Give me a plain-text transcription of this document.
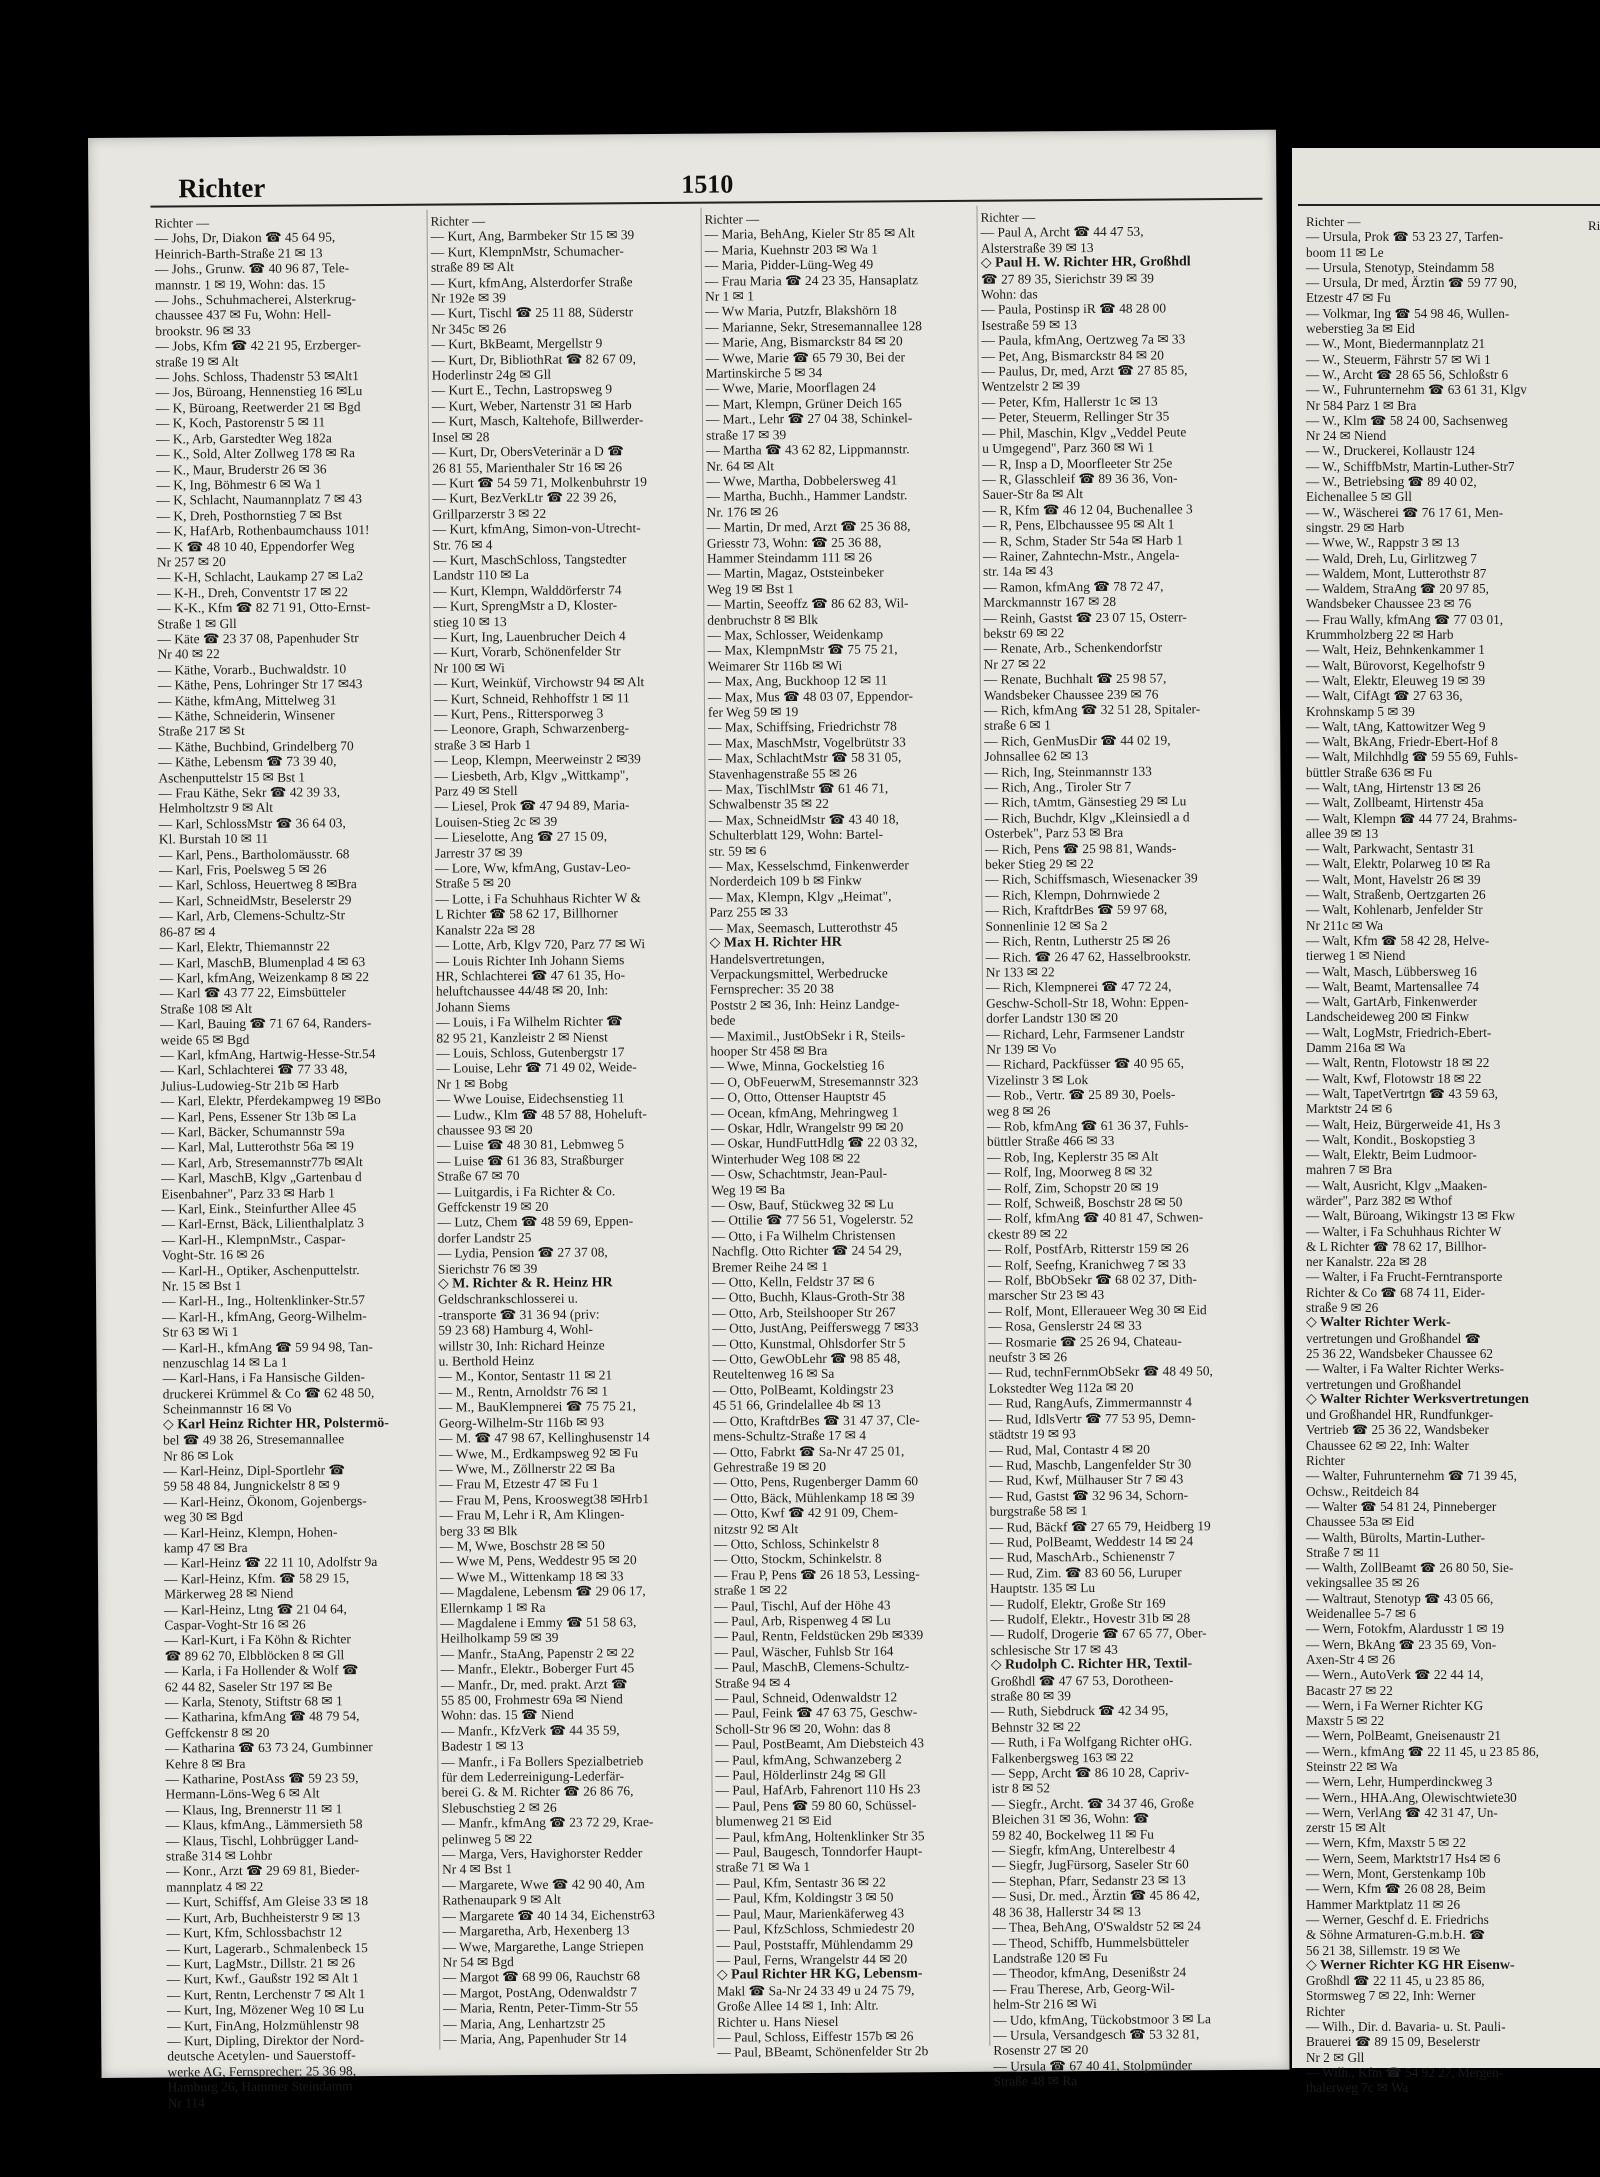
Richter	1510
Richter —
— Johs, Dr, Diakon ☎ 45 64 95,
Heinrich-Barth-Straße 21 ✉ 13
— Johs., Grunw. ☎ 40 96 87, Tele-
mannstr. 1 ✉ 19, Wohn: das. 15
— Johs., Schuhmacherei, Alsterkrug-
chaussee 437 ✉ Fu, Wohn: Hell-
brookstr. 96 ✉ 33
— Jobs, Kfm ☎ 42 21 95, Erzberger-
straße 19 ✉ Alt
— Johs. Schloss, Thadenstr 53 ✉Alt1
— Jos, Büroang, Hennenstieg 16 ✉Lu
— K, Büroang, Reetwerder 21 ✉ Bgd
— K, Koch, Pastorenstr 5 ✉ 11
— K., Arb, Garstedter Weg 182a
— K., Sold, Alter Zollweg 178 ✉ Ra
— K., Maur, Bruderstr 26 ✉ 36
— K, Ing, Böhmestr 6 ✉ Wa 1
— K, Schlacht, Naumannplatz 7 ✉ 43
— K, Dreh, Posthornstieg 7 ✉ Bst
— K, HafArb, Rothenbaumchauss 101!
— K ☎ 48 10 40, Eppendorfer Weg
Nr 257 ✉ 20
— K-H, Schlacht, Laukamp 27 ✉ La2
— K-H., Dreh, Conventstr 17 ✉ 22
— K-K., Kfm ☎ 82 71 91, Otto-Ernst-
Straße 1 ✉ Gll
— Käte ☎ 23 37 08, Papenhuder Str
Nr 40 ✉ 22
— Käthe, Vorarb., Buchwaldstr. 10
— Käthe, Pens, Lohringer Str 17 ✉43
— Käthe, kfmAng, Mittelweg 31
— Käthe, Schneiderin, Winsener
Straße 217 ✉ St
— Käthe, Buchbind, Grindelberg 70
— Käthe, Lebensm ☎ 73 39 40,
Aschenputtelstr 15 ✉ Bst 1
— Frau Käthe, Sekr ☎ 42 39 33,
Helmholtzstr 9 ✉ Alt
— Karl, SchlossMstr ☎ 36 64 03,
Kl. Burstah 10 ✉ 11
— Karl, Pens., Bartholomäusstr. 68
— Karl, Fris, Poelsweg 5 ✉ 26
— Karl, Schloss, Heuertweg 8 ✉Bra
— Karl, SchneidMstr, Beselerstr 29
— Karl, Arb, Clemens-Schultz-Str
86-87 ✉ 4
— Karl, Elektr, Thiemannstr 22
— Karl, MaschB, Blumenplad 4 ✉ 63
— Karl, kfmAng, Weizenkamp 8 ✉ 22
— Karl ☎ 43 77 22, Eimsbütteler
Straße 108 ✉ Alt
— Karl, Bauing ☎ 71 67 64, Randers-
weide 65 ✉ Bgd
— Karl, kfmAng, Hartwig-Hesse-Str.54
— Karl, Schlachterei ☎ 77 33 48,
Julius-Ludowieg-Str 21b ✉ Harb
— Karl, Elektr, Pferdekampweg 19 ✉Bo
— Karl, Pens, Essener Str 13b ✉ La
— Karl, Bäcker, Schumannstr 59a
— Karl, Mal, Lutterothstr 56a ✉ 19
— Karl, Arb, Stresemannstr77b ✉Alt
— Karl, MaschB, Klgv „Gartenbau d
Eisenbahner", Parz 33 ✉ Harb 1
— Karl, Eink., Steinfurther Allee 45
— Karl-Ernst, Bäck, Lilienthalplatz 3
— Karl-H., KlempnMstr., Caspar-
Voght-Str. 16 ✉ 26
— Karl-H., Optiker, Aschenputtelstr.
Nr. 15 ✉ Bst 1
— Karl-H., Ing., Holtenklinker-Str.57
— Karl-H., kfmAng, Georg-Wilhelm-
Str 63 ✉ Wi 1
— Karl-H., kfmAng ☎ 59 94 98, Tan-
nenzuschlag 14 ✉ La 1
— Karl-Hans, i Fa Hansische Gilden-
druckerei Krümmel & Co ☎ 62 48 50,
Scheinmannstr 16 ✉ Vo
◇ Karl Heinz Richter HR, Polstermö-
bel ☎ 49 38 26, Stresemannallee
Nr 86 ✉ Lok
— Karl-Heinz, Dipl-Sportlehr ☎
59 58 48 84, Jungnickelstr 8 ✉ 9
— Karl-Heinz, Ökonom, Gojenbergs-
weg 30 ✉ Bgd
— Karl-Heinz, Klempn, Hohen-
kamp 47 ✉ Bra
— Karl-Heinz ☎ 22 11 10, Adolfstr 9a
— Karl-Heinz, Kfm. ☎ 58 29 15,
Märkerweg 28 ✉ Niend
— Karl-Heinz, Ltng ☎ 21 04 64,
Caspar-Voght-Str 16 ✉ 26
— Karl-Kurt, i Fa Köhn & Richter
☎ 89 62 70, Elbblöcken 8 ✉ Gll
— Karla, i Fa Hollender & Wolf ☎
62 44 82, Saseler Str 197 ✉ Be
— Karla, Stenoty, Stiftstr 68 ✉ 1
— Katharina, kfmAng ☎ 48 79 54,
Geffckenstr 8 ✉ 20
— Katharina ☎ 63 73 24, Gumbinner
Kehre 8 ✉ Bra
— Katharine, PostAss ☎ 59 23 59,
Hermann-Löns-Weg 6 ✉ Alt
— Klaus, Ing, Brennerstr 11 ✉ 1
— Klaus, kfmAng., Lämmersieth 58
— Klaus, Tischl, Lohbrügger Land-
straße 314 ✉ Lohbr
— Konr., Arzt ☎ 29 69 81, Bieder-
mannplatz 4 ✉ 22
— Kurt, Schiffsf, Am Gleise 33 ✉ 18
— Kurt, Arb, Buchheisterstr 9 ✉ 13
— Kurt, Kfm, Schlossbachstr 12
— Kurt, Lagerarb., Schmalenbeck 15
— Kurt, LagMstr., Dillstr. 21 ✉ 26
— Kurt, Kwf., Gaußstr 192 ✉ Alt 1
— Kurt, Rentn, Lerchenstr 7 ✉ Alt 1
— Kurt, Ing, Mözener Weg 10 ✉ Lu
— Kurt, FinAng, Holzmühlenstr 98
— Kurt, Dipling, Direktor der Nord-
deutsche Acetylen- und Sauerstoff-
werke AG, Fernsprecher: 25 36 98,
Hamburg 26, Hammer Steindamm
Nr 114
Richter —
— Kurt, Ang, Barmbeker Str 15 ✉ 39
— Kurt, KlempnMstr, Schumacher-
straße 89 ✉ Alt
— Kurt, kfmAng, Alsterdorfer Straße
Nr 192e ✉ 39
— Kurt, Tischl ☎ 25 11 88, Süderstr
Nr 345c ✉ 26
— Kurt, BkBeamt, Mergellstr 9
— Kurt, Dr, BibliothRat ☎ 82 67 09,
Hoderlinstr 24g ✉ Gll
— Kurt E., Techn, Lastropsweg 9
— Kurt, Weber, Nartenstr 31 ✉ Harb
— Kurt, Masch, Kaltehofe, Billwerder-
Insel ✉ 28
— Kurt, Dr, ObersVeterinär a D ☎
26 81 55, Marienthaler Str 16 ✉ 26
— Kurt ☎ 54 59 71, Molkenbuhrstr 19
— Kurt, BezVerkLtr ☎ 22 39 26,
Grillparzerstr 3 ✉ 22
— Kurt, kfmAng, Simon-von-Utrecht-
Str. 76 ✉ 4
— Kurt, MaschSchloss, Tangstedter
Landstr 110 ✉ La
— Kurt, Klempn, Walddörferstr 74
— Kurt, SprengMstr a D, Kloster-
stieg 10 ✉ 13
— Kurt, Ing, Lauenbrucher Deich 4
— Kurt, Vorarb, Schönenfelder Str
Nr 100 ✉ Wi
— Kurt, Weinküf, Virchowstr 94 ✉ Alt
— Kurt, Schneid, Rehhoffstr 1 ✉ 11
— Kurt, Pens., Rittersporweg 3
— Leonore, Graph, Schwarzenberg-
straße 3 ✉ Harb 1
— Leop, Klempn, Meerweinstr 2 ✉39
— Liesbeth, Arb, Klgv „Wittkamp",
Parz 49 ✉ Stell
— Liesel, Prok ☎ 47 94 89, Maria-
Louisen-Stieg 2c ✉ 39
— Lieselotte, Ang ☎ 27 15 09,
Jarrestr 37 ✉ 39
— Lore, Ww, kfmAng, Gustav-Leo-
Straße 5 ✉ 20
— Lotte, i Fa Schuhhaus Richter W &
L Richter ☎ 58 62 17, Billhorner
Kanalstr 22a ✉ 28
— Lotte, Arb, Klgv 720, Parz 77 ✉ Wi
— Louis Richter Inh Johann Siems
HR, Schlachterei ☎ 47 61 35, Ho-
heluftchaussee 44/48 ✉ 20, Inh:
Johann Siems
— Louis, i Fa Wilhelm Richter ☎
82 95 21, Kanzleistr 2 ✉ Nienst
— Louis, Schloss, Gutenbergstr 17
— Louise, Lehr ☎ 71 49 02, Weide-
Nr 1 ✉ Bobg
— Wwe Louise, Eidechsenstieg 11
— Ludw., Klm ☎ 48 57 88, Hoheluft-
chaussee 93 ✉ 20
— Luise ☎ 48 30 81, Lebmweg 5
— Luise ☎ 61 36 83, Straßburger
Straße 67 ✉ 70
— Luitgardis, i Fa Richter & Co.
Geffckenstr 19 ✉ 20
— Lutz, Chem ☎ 48 59 69, Eppen-
dorfer Landstr 25
— Lydia, Pension ☎ 27 37 08,
Sierichstr 76 ✉ 39
◇ M. Richter & R. Heinz HR
Geldschrankschlosserei u.
-transporte ☎ 31 36 94 (priv:
59 23 68) Hamburg 4, Wohl-
willstr 30, Inh: Richard Heinze
u. Berthold Heinz
— M., Kontor, Sentastr 11 ✉ 21
— M., Rentn, Arnoldstr 76 ✉ 1
— M., BauKlempnerei ☎ 75 75 21,
Georg-Wilhelm-Str 116b ✉ 93
— M. ☎ 47 98 67, Kellinghusenstr 14
— Wwe, M., Erdkampsweg 92 ✉ Fu
— Wwe, M., Zöllnerstr 22 ✉ Ba
— Frau M, Etzestr 47 ✉ Fu 1
— Frau M, Pens, Krooswegt38 ✉Hrb1
— Frau M, Lehr i R, Am Klingen-
berg 33 ✉ Blk
— M, Wwe, Boschstr 28 ✉ 50
— Wwe M, Pens, Weddestr 95 ✉ 20
— Wwe M., Wittenkamp 18 ✉ 33
— Magdalene, Lebensm ☎ 29 06 17,
Ellernkamp 1 ✉ Ra
— Magdalene i Emmy ☎ 51 58 63,
Heilholkamp 59 ✉ 39
— Manfr., StaAng, Papenstr 2 ✉ 22
— Manfr., Elektr., Boberger Furt 45
— Manfr., Dr, med. prakt. Arzt ☎
55 85 00, Frohmestr 69a ✉ Niend
Wohn: das. 15 ☎ Niend
— Manfr., KfzVerk ☎ 44 35 59,
Badestr 1 ✉ 13
— Manfr., i Fa Bollers Spezialbetrieb
für dem Lederreinigung-Lederfär-
berei G. & M. Richter ☎ 26 86 76,
Slebuschstieg 2 ✉ 26
— Manfr., kfmAng ☎ 23 72 29, Krae-
pelinweg 5 ✉ 22
— Marga, Vers, Havighorster Redder
Nr 4 ✉ Bst 1
— Margarete, Wwe ☎ 42 90 40, Am
Rathenaupark 9 ✉ Alt
— Margarete ☎ 40 14 34, Eichenstr63
— Margaretha, Arb, Hexenberg 13
— Wwe, Margarethe, Lange Striepen
Nr 54 ✉ Bgd
— Margot ☎ 68 99 06, Rauchstr 68
— Margot, PostAng, Odenwaldstr 7
— Maria, Rentn, Peter-Timm-Str 55
— Maria, Ang, Lenhartzstr 25
— Maria, Ang, Papenhuder Str 14
Richter —
— Maria, BehAng, Kieler Str 85 ✉ Alt
— Maria, Kuehnstr 203 ✉ Wa 1
— Maria, Pidder-Lüng-Weg 49
— Frau Maria ☎ 24 23 35, Hansaplatz
Nr 1 ✉ 1
— Ww Maria, Putzfr, Blakshörn 18
— Marianne, Sekr, Stresemannallee 128
— Marie, Ang, Bismarckstr 84 ✉ 20
— Wwe, Marie ☎ 65 79 30, Bei der
Martinskirche 5 ✉ 34
— Wwe, Marie, Moorflagen 24
— Mart, Klempn, Grüner Deich 165
— Mart., Lehr ☎ 27 04 38, Schinkel-
straße 17 ✉ 39
— Martha ☎ 43 62 82, Lippmannstr.
Nr. 64 ✉ Alt
— Wwe, Martha, Dobbelersweg 41
— Martha, Buchh., Hammer Landstr.
Nr. 176 ✉ 26
— Martin, Dr med, Arzt ☎ 25 36 88,
Griesstr 73, Wohn: ☎ 25 36 88,
Hammer Steindamm 111 ✉ 26
— Martin, Magaz, Oststeinbeker
Weg 19 ✉ Bst 1
— Martin, Seeoffz ☎ 86 62 83, Wil-
denbruchstr 8 ✉ Blk
— Max, Schlosser, Weidenkamp
— Max, KlempnMstr ☎ 75 75 21,
Weimarer Str 116b ✉ Wi
— Max, Ang, Buckhoop 12 ✉ 11
— Max, Mus ☎ 48 03 07, Eppendor-
fer Weg 59 ✉ 19
— Max, Schiffsing, Friedrichstr 78
— Max, MaschMstr, Vogelbrütstr 33
— Max, SchlachtMstr ☎ 58 31 05,
Stavenhagenstraße 55 ✉ 26
— Max, TischlMstr ☎ 61 46 71,
Schwalbenstr 35 ✉ 22
— Max, SchneidMstr ☎ 43 40 18,
Schulterblatt 129, Wohn: Bartel-
str. 59 ✉ 6
— Max, Kesselschmd, Finkenwerder
Norderdeich 109 b ✉ Finkw
— Max, Klempn, Klgv „Heimat",
Parz 255 ✉ 33
— Max, Seemasch, Lutterothstr 45
◇ Max H. Richter HR
Handelsvertretungen,
Verpackungsmittel, Werbedrucke
Fernsprecher: 35 20 38
Poststr 2 ✉ 36, Inh: Heinz Landge-
bede
— Maximil., JustObSekr i R, Steils-
hooper Str 458 ✉ Bra
— Wwe, Minna, Gockelstieg 16
— O, ObFeuerwM, Stresemannstr 323
— O, Otto, Ottenser Hauptstr 45
— Ocean, kfmAng, Mehringweg 1
— Oskar, Hdlr, Wrangelstr 99 ✉ 20
— Oskar, HundFuttHdlg ☎ 22 03 32,
Winterhuder Weg 108 ✉ 22
— Osw, Schachtmstr, Jean-Paul-
Weg 19 ✉ Ba
— Osw, Bauf, Stückweg 32 ✉ Lu
— Ottilie ☎ 77 56 51, Vogelerstr. 52
— Otto, i Fa Wilhelm Christensen
Nachflg. Otto Richter ☎ 24 54 29,
Bremer Reihe 24 ✉ 1
— Otto, Kelln, Feldstr 37 ✉ 6
— Otto, Buchh, Klaus-Groth-Str 38
— Otto, Arb, Steilshooper Str 267
— Otto, JustAng, Peifferswegg 7 ✉33
— Otto, Kunstmal, Ohlsdorfer Str 5
— Otto, GewObLehr ☎ 98 85 48,
Reuteltenweg 16 ✉ Sa
— Otto, PolBeamt, Koldingstr 23
45 51 66, Grindelallee 4b ✉ 13
— Otto, KraftdrBes ☎ 31 47 37, Cle-
mens-Schultz-Straße 17 ✉ 4
— Otto, Fabrkt ☎ Sa-Nr 47 25 01,
Gehrestraße 19 ✉ 20
— Otto, Pens, Rugenberger Damm 60
— Otto, Bäck, Mühlenkamp 18 ✉ 39
— Otto, Kwf ☎ 42 91 09, Chem-
nitzstr 92 ✉ Alt
— Otto, Schloss, Schinkelstr 8
— Otto, Stockm, Schinkelstr. 8
— Frau P, Pens ☎ 26 18 53, Lessing-
straße 1 ✉ 22
— Paul, Tischl, Auf der Höhe 43
— Paul, Arb, Rispenweg 4 ✉ Lu
— Paul, Rentn, Feldstücken 29b ✉339
— Paul, Wäscher, Fuhlsb Str 164
— Paul, MaschB, Clemens-Schultz-
Straße 94 ✉ 4
— Paul, Schneid, Odenwaldstr 12
— Paul, Feink ☎ 47 63 75, Geschw-
Scholl-Str 96 ✉ 20, Wohn: das 8
— Paul, PostBeamt, Am Diebsteich 43
— Paul, kfmAng, Schwanzeberg 2
— Paul, Hölderlinstr 24g ✉ Gll
— Paul, HafArb, Fahrenort 110 Hs 23
— Paul, Pens ☎ 59 80 60, Schüssel-
blumenweg 21 ✉ Eid
— Paul, kfmAng, Holtenklinker Str 35
— Paul, Baugesch, Tonndorfer Haupt-
straße 71 ✉ Wa 1
— Paul, Kfm, Sentastr 36 ✉ 22
— Paul, Kfm, Koldingstr 3 ✉ 50
— Paul, Maur, Marienkäferweg 43
— Paul, KfzSchloss, Schmiedestr 20
— Paul, Poststaffr, Mühlendamm 29
— Paul, Ferns, Wrangelstr 44 ✉ 20
◇ Paul Richter HR KG, Lebensm-
Makl ☎ Sa-Nr 24 33 49 u 24 75 79,
Große Allee 14 ✉ 1, Inh: Altr.
Richter u. Hans Niesel
— Paul, Schloss, Eiffestr 157b ✉ 26
— Paul, BBeamt, Schönenfelder Str 2b
Richter —
— Paul A, Archt ☎ 44 47 53,
Alsterstraße 39 ✉ 13
◇ Paul H. W. Richter HR, Großhdl
☎ 27 89 35, Sierichstr 39 ✉ 39
Wohn: das
— Paula, Postinsp iR ☎ 48 28 00
Isestraße 59 ✉ 13
— Paula, kfmAng, Oertzweg 7a ✉ 33
— Pet, Ang, Bismarckstr 84 ✉ 20
— Paulus, Dr, med, Arzt ☎ 27 85 85,
Wentzelstr 2 ✉ 39
— Peter, Kfm, Hallerstr 1c ✉ 13
— Peter, Steuerm, Rellinger Str 35
— Phil, Maschin, Klgv „Veddel Peute
u Umgegend", Parz 360 ✉ Wi 1
— R, Insp a D, Moorfleeter Str 25e
— R, Glasschleif ☎ 89 36 36, Von-
Sauer-Str 8a ✉ Alt
— R, Kfm ☎ 46 12 04, Buchenallee 3
— R, Pens, Elbchaussee 95 ✉ Alt 1
— R, Schm, Stader Str 54a ✉ Harb 1
— Rainer, Zahntechn-Mstr., Angela-
str. 14a ✉ 43
— Ramon, kfmAng ☎ 78 72 47,
Marckmannstr 167 ✉ 28
— Reinh, Gastst ☎ 23 07 15, Osterr-
bekstr 69 ✉ 22
— Renate, Arb., Schenkendorfstr
Nr 27 ✉ 22
— Renate, Buchhalt ☎ 25 98 57,
Wandsbeker Chaussee 239 ✉ 76
— Rich, kfmAng ☎ 32 51 28, Spitaler-
straße 6 ✉ 1
— Rich, GenMusDir ☎ 44 02 19,
Johnsallee 62 ✉ 13
— Rich, Ing, Steinmannstr 133
— Rich, Ang., Tiroler Str 7
— Rich, tAmtm, Gänsestieg 29 ✉ Lu
— Rich, Buchdr, Klgv „Kleinsiedl a d
Osterbek", Parz 53 ✉ Bra
— Rich, Pens ☎ 25 98 81, Wands-
beker Stieg 29 ✉ 22
— Rich, Schiffsmasch, Wiesenacker 39
— Rich, Klempn, Dohrnwiede 2
— Rich, KraftdrBes ☎ 59 97 68,
Sonnenlinie 12 ✉ Sa 2
— Rich, Rentn, Lutherstr 25 ✉ 26
— Rich. ☎ 26 47 62, Hasselbrookstr.
Nr 133 ✉ 22
— Rich, Klempnerei ☎ 47 72 24,
Geschw-Scholl-Str 18, Wohn: Eppen-
dorfer Landstr 130 ✉ 20
— Richard, Lehr, Farmsener Landstr
Nr 139 ✉ Vo
— Richard, Packfüsser ☎ 40 95 65,
Vizelinstr 3 ✉ Lok
— Rob., Vertr. ☎ 25 89 30, Poels-
weg 8 ✉ 26
— Rob, kfmAng ☎ 61 36 37, Fuhls-
büttler Straße 466 ✉ 33
— Rob, Ing, Keplerstr 35 ✉ Alt
— Rolf, Ing, Moorweg 8 ✉ 32
— Rolf, Zim, Schopstr 20 ✉ 19
— Rolf, Schweiß, Boschstr 28 ✉ 50
— Rolf, kfmAng ☎ 40 81 47, Schwen-
ckestr 89 ✉ 22
— Rolf, PostfArb, Ritterstr 159 ✉ 26
— Rolf, Seefng, Kranichweg 7 ✉ 33
— Rolf, BbObSekr ☎ 68 02 37, Dith-
marscher Str 23 ✉ 43
— Rolf, Mont, Elleraueer Weg 30 ✉ Eid
— Rosa, Genslerstr 24 ✉ 33
— Rosmarie ☎ 25 26 94, Chateau-
neufstr 3 ✉ 26
— Rud, technFernmObSekr ☎ 48 49 50,
Lokstedter Weg 112a ✉ 20
— Rud, RangAufs, Zimmermannstr 4
— Rud, IdlsVertr ☎ 77 53 95, Demn-
städtstr 19 ✉ 93
— Rud, Mal, Contastr 4 ✉ 20
— Rud, Maschb, Langenfelder Str 30
— Rud, Kwf, Mülhauser Str 7 ✉ 43
— Rud, Gastst ☎ 32 96 34, Schorn-
burgstraße 58 ✉ 1
— Rud, Bäckf ☎ 27 65 79, Heidberg 19
— Rud, PolBeamt, Weddestr 14 ✉ 24
— Rud, MaschArb., Schienenstr 7
— Rud, Zim. ☎ 83 60 56, Luruper
Hauptstr. 135 ✉ Lu
— Rudolf, Elektr, Große Str 169
— Rudolf, Elektr., Hovestr 31b ✉ 28
— Rudolf, Drogerie ☎ 67 65 77, Ober-
schlesische Str 17 ✉ 43
◇ Rudolph C. Richter HR, Textil-
Großhdl ☎ 47 67 53, Dorotheen-
straße 80 ✉ 39
— Ruth, Siebdruck ☎ 42 34 95,
Behnstr 32 ✉ 22
— Ruth, i Fa Wolfgang Richter oHG.
Falkenbergsweg 163 ✉ 22
— Sepp, Archt ☎ 86 10 28, Capriv-
istr 8 ✉ 52
— Siegfr., Archt. ☎ 34 37 46, Große
Bleichen 31 ✉ 36, Wohn: ☎
59 82 40, Bockelweg 11 ✉ Fu
— Siegfr, kfmAng, Unterelbestr 4
— Siegfr, JugFürsorg, Saseler Str 60
— Stephan, Pfarr, Sedanstr 23 ✉ 13
— Susi, Dr. med., Ärztin ☎ 45 86 42,
48 36 38, Hallerstr 34 ✉ 13
— Thea, BehAng, O'Swaldstr 52 ✉ 24
— Theod, Schiffb, Hummelsbütteler
Landstraße 120 ✉ Fu
— Theodor, kfmAng, Desenißstr 24
— Frau Therese, Arb, Georg-Wil-
helm-Str 216 ✉ Wi
— Udo, kfmAng, Tückobstmoor 3 ✉ La
— Ursula, Versandgesch ☎ 53 32 81,
Rosenstr 27 ✉ 20
— Ursula ☎ 67 40 41, Stolpmünder
Straße 48 ✉ Ra
Ri
Richter —
— Ursula, Prok ☎ 53 23 27, Tarfen-
boom 11 ✉ Le
— Ursula, Stenotyp, Steindamm 58
— Ursula, Dr med, Ärztin ☎ 59 77 90,
Etzestr 47 ✉ Fu
— Volkmar, Ing ☎ 54 98 46, Wullen-
weberstieg 3a ✉ Eid
— W., Mont, Biedermannplatz 21
— W., Steuerm, Fährstr 57 ✉ Wi 1
— W., Archt ☎ 28 65 56, Schloßstr 6
— W., Fuhrunternehm ☎ 63 61 31, Klgv
Nr 584 Parz 1 ✉ Bra
— W., Klm ☎ 58 24 00, Sachsenweg
Nr 24 ✉ Niend
— W., Druckerei, Kollaustr 124
— W., SchiffbMstr, Martin-Luther-Str7
— W., Betriebsing ☎ 89 40 02,
Eichenallee 5 ✉ Gll
— W., Wäscherei ☎ 76 17 61, Men-
singstr. 29 ✉ Harb
— Wwe, W., Rappstr 3 ✉ 13
— Wald, Dreh, Lu, Girlitzweg 7
— Waldem, Mont, Lutterothstr 87
— Waldem, StraAng ☎ 20 97 85,
Wandsbeker Chaussee 23 ✉ 76
— Frau Wally, kfmAng ☎ 77 03 01,
Krummholzberg 22 ✉ Harb
— Walt, Heiz, Behnkenkammer 1
— Walt, Bürovorst, Kegelhofstr 9
— Walt, Elektr, Eleuweg 19 ✉ 39
— Walt, CifAgt ☎ 27 63 36,
Krohnskamp 5 ✉ 39
— Walt, tAng, Kattowitzer Weg 9
— Walt, BkAng, Friedr-Ebert-Hof 8
— Walt, Milchhdlg ☎ 59 55 69, Fuhls-
büttler Straße 636 ✉ Fu
— Walt, tAng, Hirtenstr 13 ✉ 26
— Walt, Zollbeamt, Hirtenstr 45a
— Walt, Klempn ☎ 44 77 24, Brahms-
allee 39 ✉ 13
— Walt, Parkwacht, Sentastr 31
— Walt, Elektr, Polarweg 10 ✉ Ra
— Walt, Mont, Havelstr 26 ✉ 39
— Walt, Straßenb, Oertzgarten 26
— Walt, Kohlenarb, Jenfelder Str
Nr 211c ✉ Wa
— Walt, Kfm ☎ 58 42 28, Helve-
tierweg 1 ✉ Niend
— Walt, Masch, Lübbersweg 16
— Walt, Beamt, Martensallee 74
— Walt, GartArb, Finkenwerder
Landscheideweg 200 ✉ Finkw
— Walt, LogMstr, Friedrich-Ebert-
Damm 216a ✉ Wa
— Walt, Rentn, Flotowstr 18 ✉ 22
— Walt, Kwf, Flotowstr 18 ✉ 22
— Walt, TapetVertrtgn ☎ 43 59 63,
Marktstr 24 ✉ 6
— Walt, Heiz, Bürgerweide 41, Hs 3
— Walt, Kondit., Boskopstieg 3
— Walt, Elektr, Beim Ludmoor-
mahren 7 ✉ Bra
— Walt, Ausricht, Klgv „Maaken-
wärder", Parz 382 ✉ Wthof
— Walt, Büroang, Wikingstr 13 ✉ Fkw
— Walter, i Fa Schuhhaus Richter W
& L Richter ☎ 78 62 17, Billhor-
ner Kanalstr. 22a ✉ 28
— Walter, i Fa Frucht-Ferntransporte
Richter & Co ☎ 68 74 11, Eider-
straße 9 ✉ 26
◇ Walter Richter Werk-
vertretungen und Großhandel ☎
25 36 22, Wandsbeker Chaussee 62
— Walter, i Fa Walter Richter Werks-
vertretungen und Großhandel
◇ Walter Richter Werksvertretungen
und Großhandel HR, Rundfunkger-
Vertrieb ☎ 25 36 22, Wandsbeker
Chaussee 62 ✉ 22, Inh: Walter
Richter
— Walter, Fuhrunternehm ☎ 71 39 45,
Ochsw., Reitdeich 84
— Walter ☎ 54 81 24, Pinneberger
Chaussee 53a ✉ Eid
— Walth, Bürolts, Martin-Luther-
Straße 7 ✉ 11
— Walth, ZollBeamt ☎ 26 80 50, Sie-
vekingsallee 35 ✉ 26
— Waltraut, Stenotyp ☎ 43 05 66,
Weidenallee 5-7 ✉ 6
— Wern, Fotokfm, Alardusstr 1 ✉ 19
— Wern, BkAng ☎ 23 35 69, Von-
Axen-Str 4 ✉ 26
— Wern., AutoVerk ☎ 22 44 14,
Bacastr 27 ✉ 22
— Wern, i Fa Werner Richter KG
Maxstr 5 ✉ 22
— Wern, PolBeamt, Gneisenaustr 21
— Wern., kfmAng ☎ 22 11 45, u 23 85 86,
Steinstr 22 ✉ Wa
— Wern, Lehr, Humperdinckweg 3
— Wern., HHA.Ang, Olewischtwiete30
— Wern, VerlAng ☎ 42 31 47, Un-
zerstr 15 ✉ Alt
— Wern, Kfm, Maxstr 5 ✉ 22
— Wern, Seem, Marktstr17 Hs4 ✉ 6
— Wern, Mont, Gerstenkamp 10b
— Wern, Kfm ☎ 26 08 28, Beim
Hammer Marktplatz 11 ✉ 26
— Werner, Geschf d. E. Friedrichs
& Söhne Armaturen-G.m.b.H. ☎
56 21 38, Sillemstr. 19 ✉ We
◇ Werner Richter KG HR Eisenw-
Großhdl ☎ 22 11 45, u 23 85 86,
Stormsweg 7 ✉ 22, Inh: Werner
Richter
— Wilh., Dir. d. Bavaria- u. St. Pauli-
Brauerei ☎ 89 15 09, Beselerstr
Nr 2 ✉ Gll
— Wilh., Kfm ☎ 54 92 27, Mergen-
thalerweg 7c ✉ Wa
